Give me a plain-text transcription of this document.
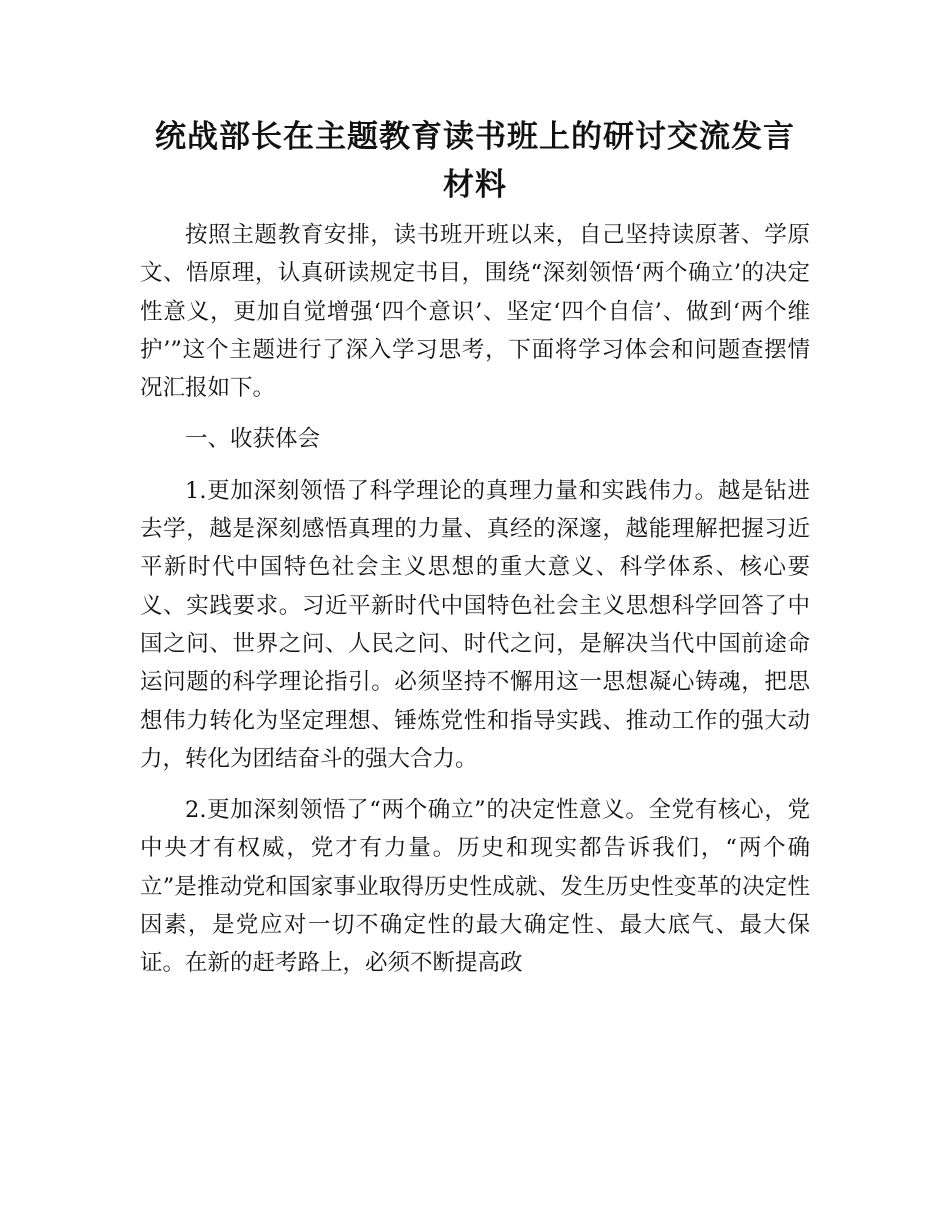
统战部长在主题教育读书班上的研讨交流发言材料

按照主题教育安排，读书班开班以来，自己坚持读原著、学原文、悟原理，认真研读规定书目，围绕“深刻领悟‘两个确立’的决定性意义，更加自觉增强‘四个意识’、坚定‘四个自信’、做到‘两个维护’”这个主题进行了深入学习思考，下面将学习体会和问题查摆情况汇报如下。

一、收获体会

1.更加深刻领悟了科学理论的真理力量和实践伟力。越是钻进去学，越是深刻感悟真理的力量、真经的深邃，越能理解把握习近平新时代中国特色社会主义思想的重大意义、科学体系、核心要义、实践要求。习近平新时代中国特色社会主义思想科学回答了中国之问、世界之问、人民之问、时代之问，是解决当代中国前途命运问题的科学理论指引。必须坚持不懈用这一思想凝心铸魂，把思想伟力转化为坚定理想、锤炼党性和指导实践、推动工作的强大动力，转化为团结奋斗的强大合力。

2.更加深刻领悟了“两个确立”的决定性意义。全党有核心，党中央才有权威，党才有力量。历史和现实都告诉我们，“两个确立”是推动党和国家事业取得历史性成就、发生历史性变革的决定性因素，是党应对一切不确定性的最大确定性、最大底气、最大保证。在新的赶考路上，必须不断提高政
